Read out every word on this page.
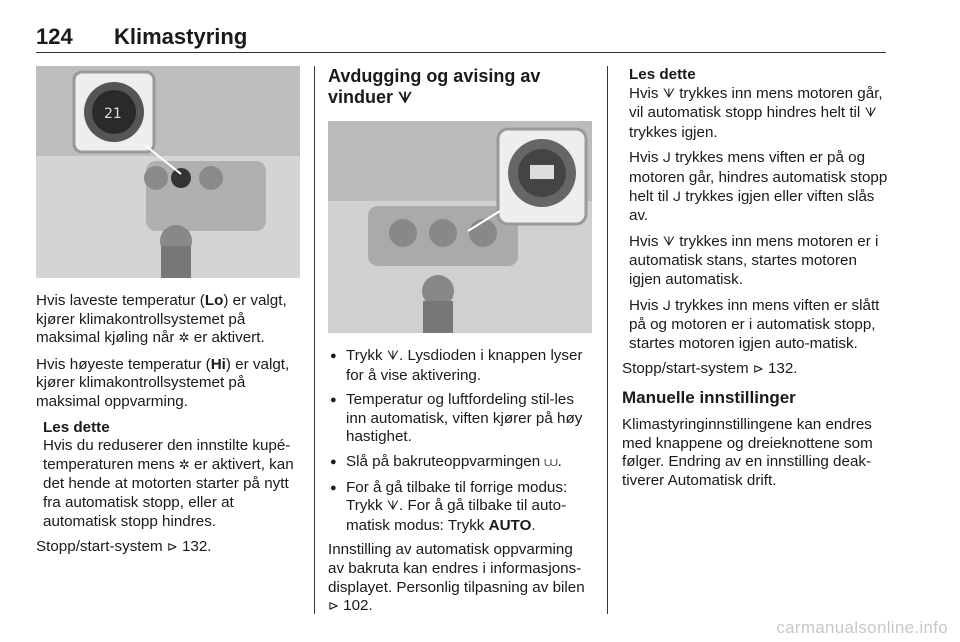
124 Klimastyring
21

Hvis laveste temperatur (Lo) er valgt, kjører klimakontrollsystemet på maksimal kjøling når ✲ er aktivert.

Hvis høyeste temperatur (Hi) er valgt, kjører klimakontrollsystemet på maksimal oppvarming.

Les dette

Hvis du reduserer den innstilte kupé-temperaturen mens ✲ er aktivert, kan det hende at motorten starter på nytt fra automatisk stopp, eller at automatisk stopp hindres.

Stopp/start-system ⊳ 132.

Avdugging og avising av vinduer ᗐ
● Trykk ᗐ. Lysdioden i knappen lyser for å vise aktivering.
● Temperatur og luftfordeling stil-les inn automatisk, viften kjører på høy hastighet.
● Slå på bakruteoppvarmingen ⩊.
● For å gå tilbake til forrige modus: Trykk ᗐ. For å gå tilbake til auto-matisk modus: Trykk AUTO.

Innstilling av automatisk oppvarming av bakruta kan endres i informasjons-displayet. Personlig tilpasning av bilen ⊳ 102.

Les dette

Hvis ᗐ trykkes inn mens motoren går, vil automatisk stopp hindres helt til ᗐ trykkes igjen.

Hvis ᒍ trykkes mens viften er på og motoren går, hindres automatisk stopp helt til ᒍ trykkes igjen eller viften slås av.

Hvis ᗐ trykkes inn mens motoren er i automatisk stans, startes motoren igjen automatisk.

Hvis ᒍ trykkes inn mens viften er slått på og motoren er i automatisk stopp, startes motoren igjen auto-matisk.

Stopp/start-system ⊳ 132.

Manuelle innstillinger

Klimastyringinnstillingene kan endres med knappene og dreieknottene som følger. Endring av en innstilling deak-tiverer Automatisk drift.

carmanualsonline.info
